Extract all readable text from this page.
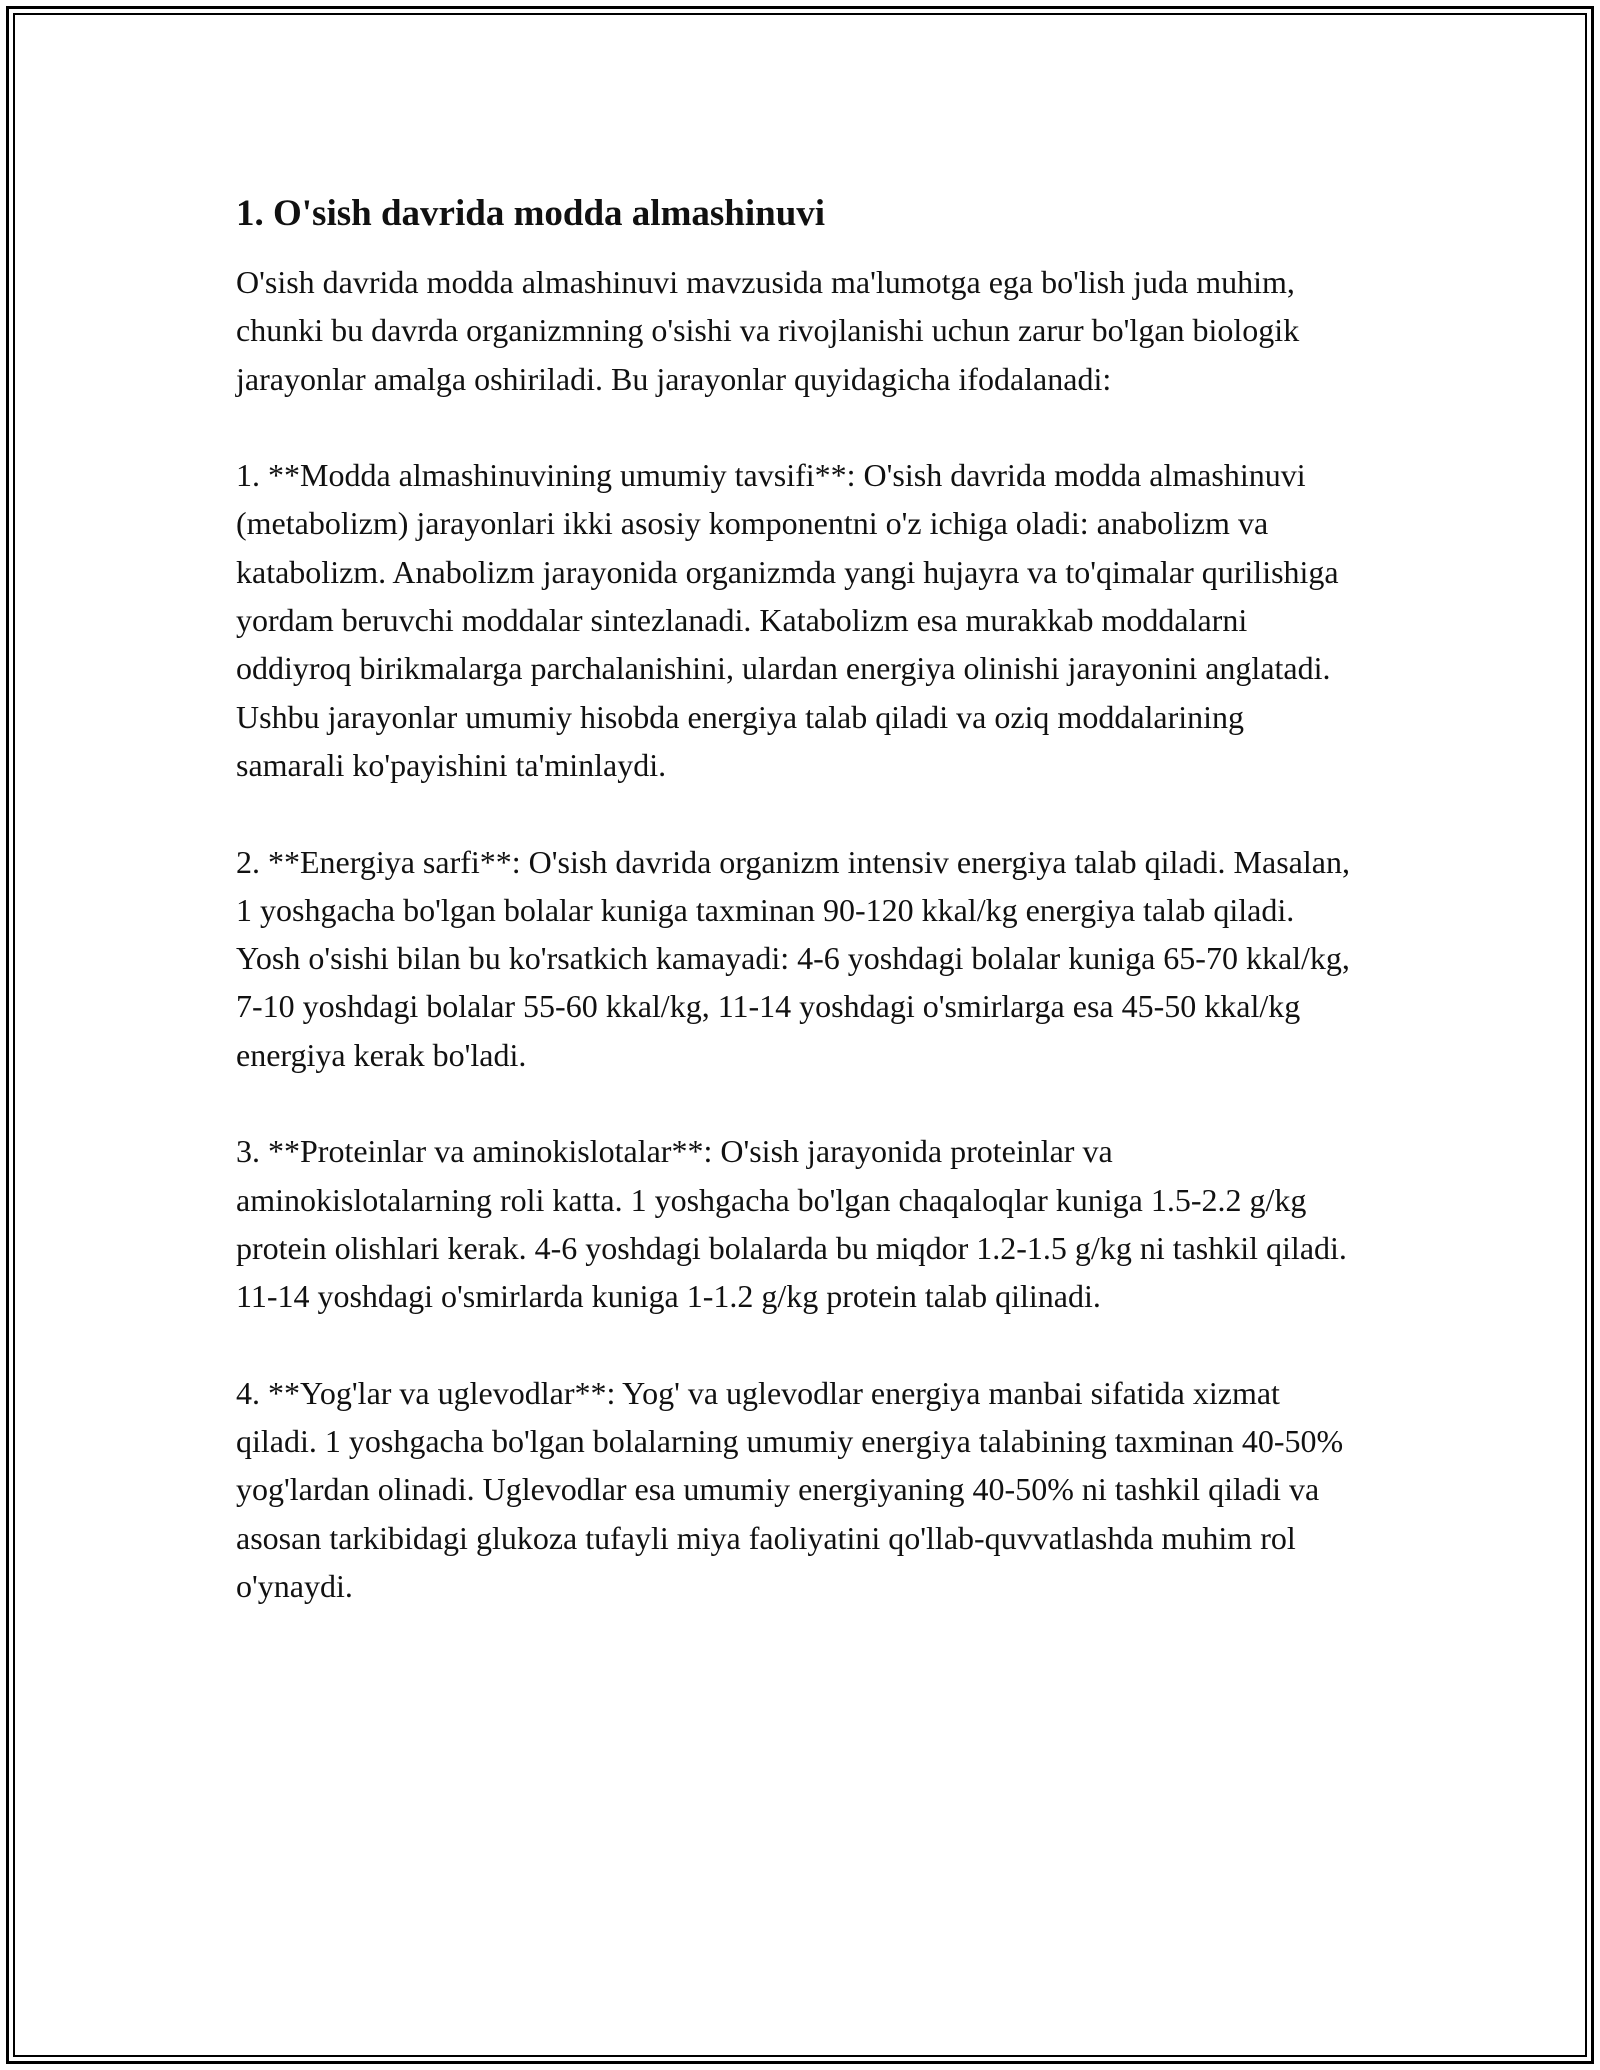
1. O'sish davrida modda almashinuvi

O'sish davrida modda almashinuvi mavzusida ma'lumotga ega bo'lish juda muhim, chunki bu davrda organizmning o'sishi va rivojlanishi uchun zarur bo'lgan biologik jarayonlar amalga oshiriladi. Bu jarayonlar quyidagicha ifodalanadi:

1. **Modda almashinuvining umumiy tavsifi**: O'sish davrida modda almashinuvi (metabolizm) jarayonlari ikki asosiy komponentni o'z ichiga oladi: anabolizm va katabolizm. Anabolizm jarayonida organizmda yangi hujayra va to'qimalar qurilishiga yordam beruvchi moddalar sintezlanadi. Katabolizm esa murakkab moddalarni oddiyroq birikmalarga parchalanishini, ulardan energiya olinishi jarayonini anglatadi. Ushbu jarayonlar umumiy hisobda energiya talab qiladi va oziq moddalarining samarali ko'payishini ta'minlaydi.

2. **Energiya sarfi**: O'sish davrida organizm intensiv energiya talab qiladi. Masalan, 1 yoshgacha bo'lgan bolalar kuniga taxminan 90-120 kkal/kg energiya talab qiladi. Yosh o'sishi bilan bu ko'rsatkich kamayadi: 4-6 yoshdagi bolalar kuniga 65-70 kkal/kg, 7-10 yoshdagi bolalar 55-60 kkal/kg, 11-14 yoshdagi o'smirlarga esa 45-50 kkal/kg energiya kerak bo'ladi.

3. **Proteinlar va aminokislotalar**: O'sish jarayonida proteinlar va aminokislotalarning roli katta. 1 yoshgacha bo'lgan chaqaloqlar kuniga 1.5-2.2 g/kg protein olishlari kerak. 4-6 yoshdagi bolalarda bu miqdor 1.2-1.5 g/kg ni tashkil qiladi. 11-14 yoshdagi o'smirlarda kuniga 1-1.2 g/kg protein talab qilinadi.

4. **Yog'lar va uglevodlar**: Yog' va uglevodlar energiya manbai sifatida xizmat qiladi. 1 yoshgacha bo'lgan bolalarning umumiy energiya talabining taxminan 40-50% yog'lardan olinadi. Uglevodlar esa umumiy energiyaning 40-50% ni tashkil qiladi va asosan tarkibidagi glukoza tufayli miya faoliyatini qo'llab-quvvatlashda muhim rol o'ynaydi.
